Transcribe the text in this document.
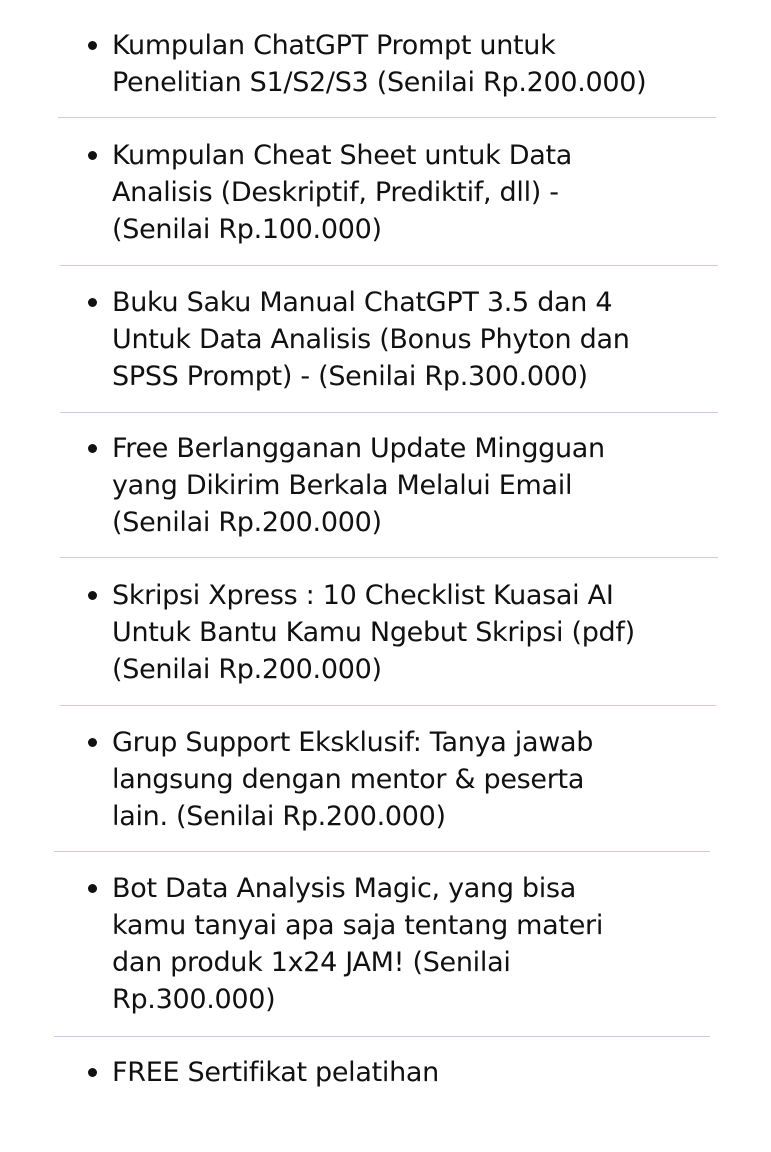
Kumpulan ChatGPT Prompt untuk
Penelitian S1/S2/S3 (Senilai Rp.200.000)
Kumpulan Cheat Sheet untuk Data
Analisis (Deskriptif, Prediktif, dll) -
(Senilai Rp.100.000)
Buku Saku Manual ChatGPT 3.5 dan 4
Untuk Data Analisis (Bonus Phyton dan
SPSS Prompt) - (Senilai Rp.300.000)
Free Berlangganan Update Mingguan
yang Dikirim Berkala Melalui Email
(Senilai Rp.200.000)
Skripsi Xpress : 10 Checklist Kuasai AI
Untuk Bantu Kamu Ngebut Skripsi (pdf)
(Senilai Rp.200.000)
Grup Support Eksklusif: Tanya jawab
langsung dengan mentor & peserta
lain. (Senilai Rp.200.000)
Bot Data Analysis Magic, yang bisa
kamu tanyai apa saja tentang materi
dan produk 1x24 JAM! (Senilai
Rp.300.000)
FREE Sertifikat pelatihan
